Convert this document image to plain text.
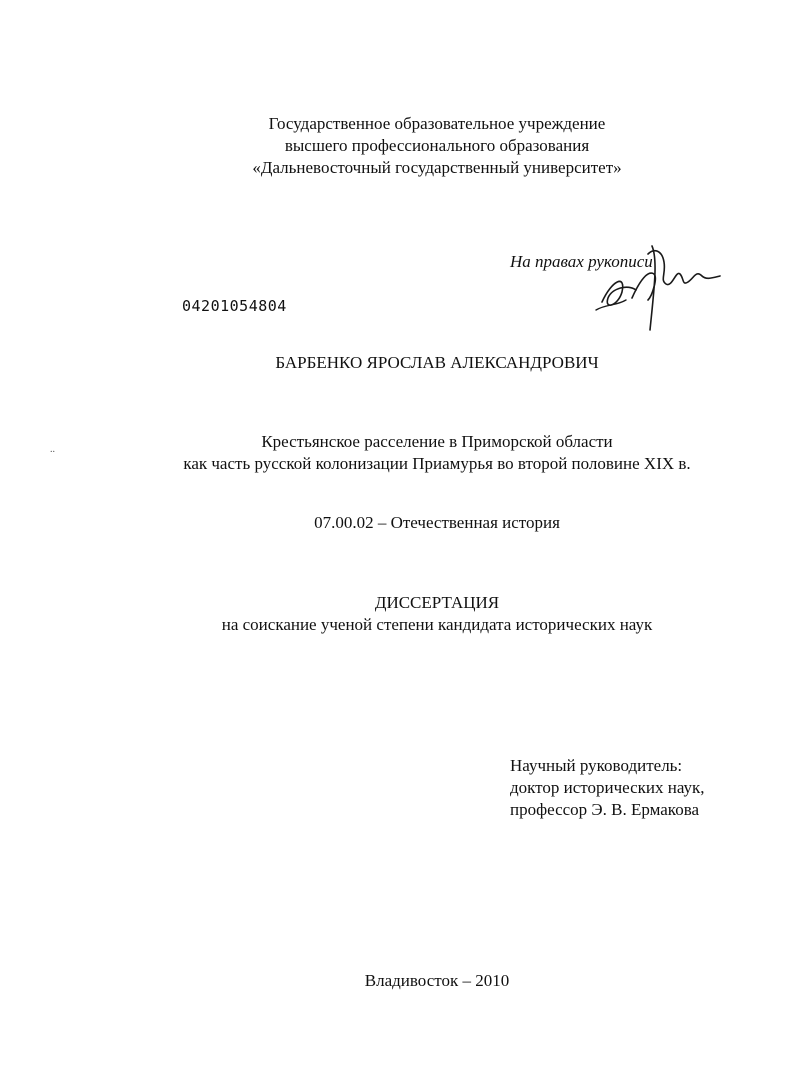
Государственное образовательное учреждение
высшего профессионального образования
«Дальневосточный государственный университет»
На правах рукописи
04201054804
БАРБЕНКО ЯРОСЛАВ АЛЕКСАНДРОВИЧ
..	Крестьянское расселение в Приморской области
как часть русской колонизации Приамурья во второй половине XIX в.
07.00.02 – Отечественная история
ДИССЕРТАЦИЯ
на соискание ученой степени кандидата исторических наук
Научный руководитель:
доктор исторических наук,
профессор Э. В. Ермакова
Владивосток – 2010
